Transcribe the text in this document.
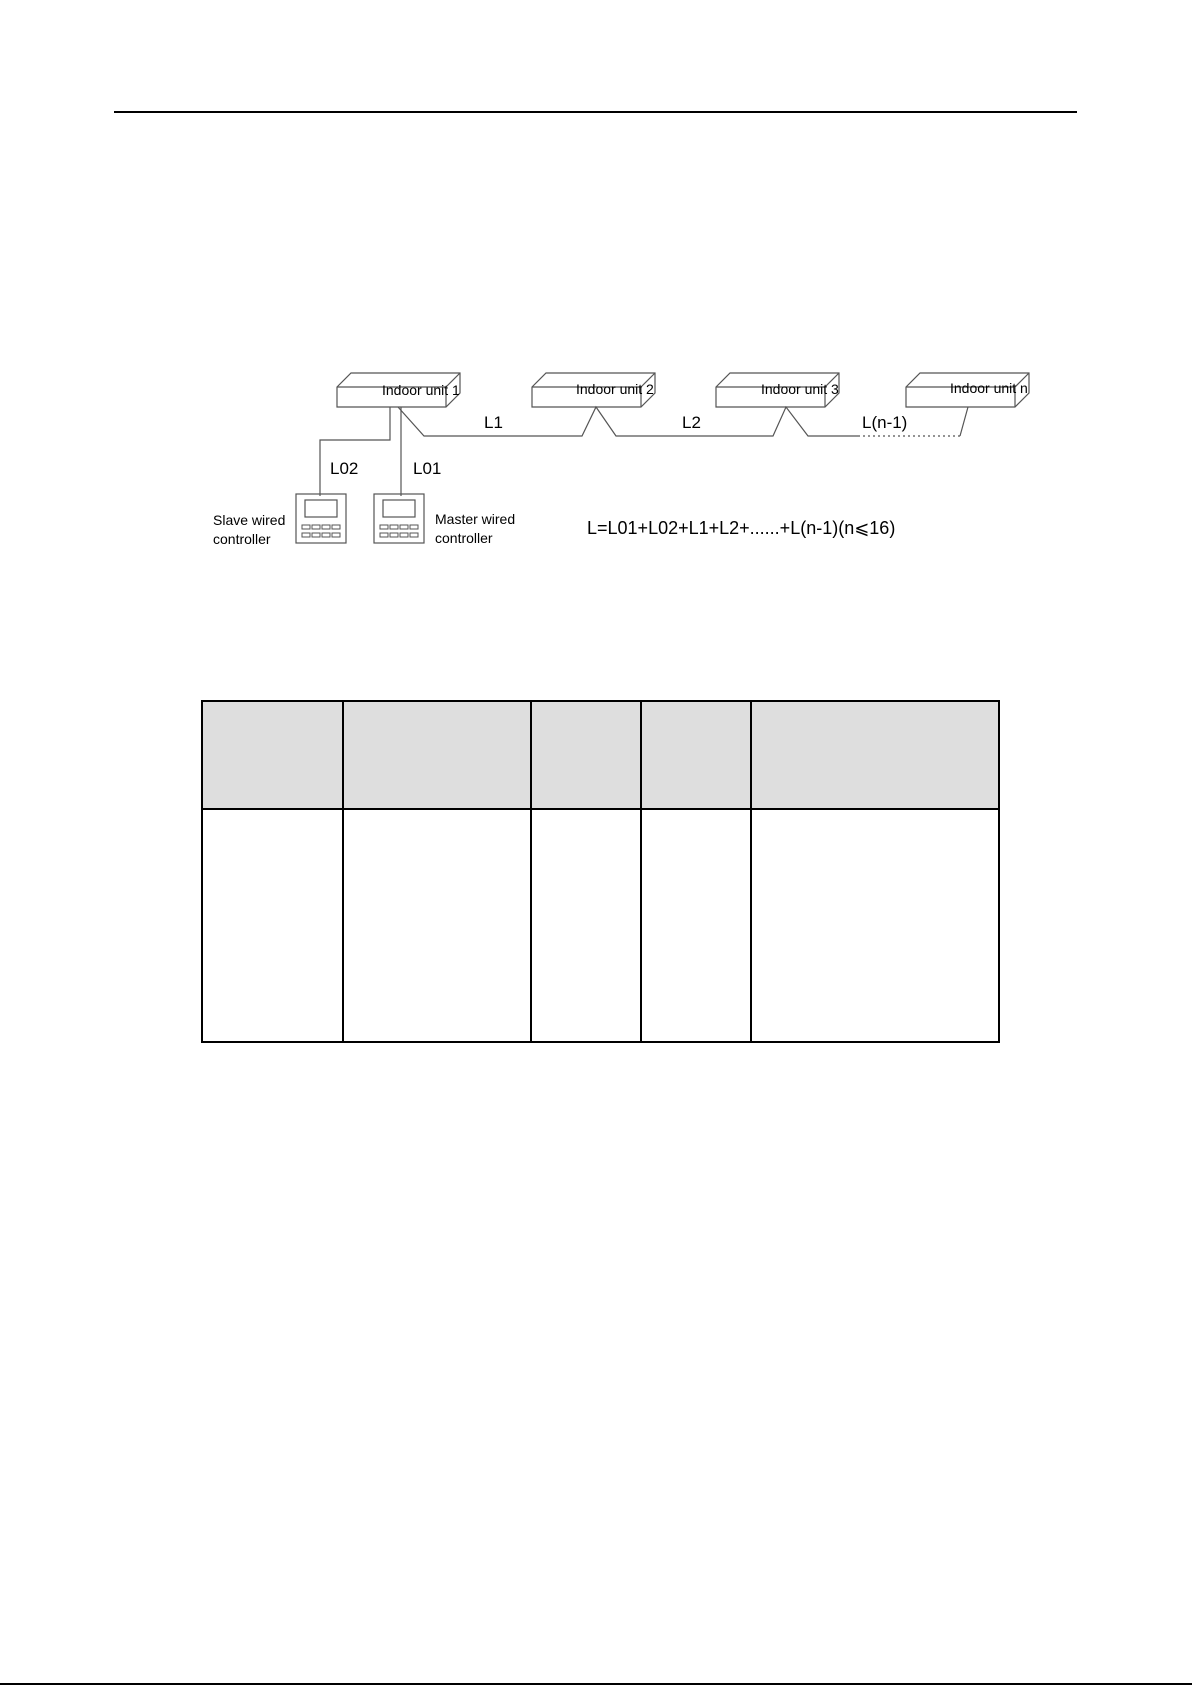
Indoor unit 1	Indoor unit 2	Indoor unit 3	Indoor unit n
L1	L2	L(n-1)
L02	L01
Slave wired
controller
Master wired
controller	L=L01+L02+L1+L2+......+L(n-1)(n⩽16)
